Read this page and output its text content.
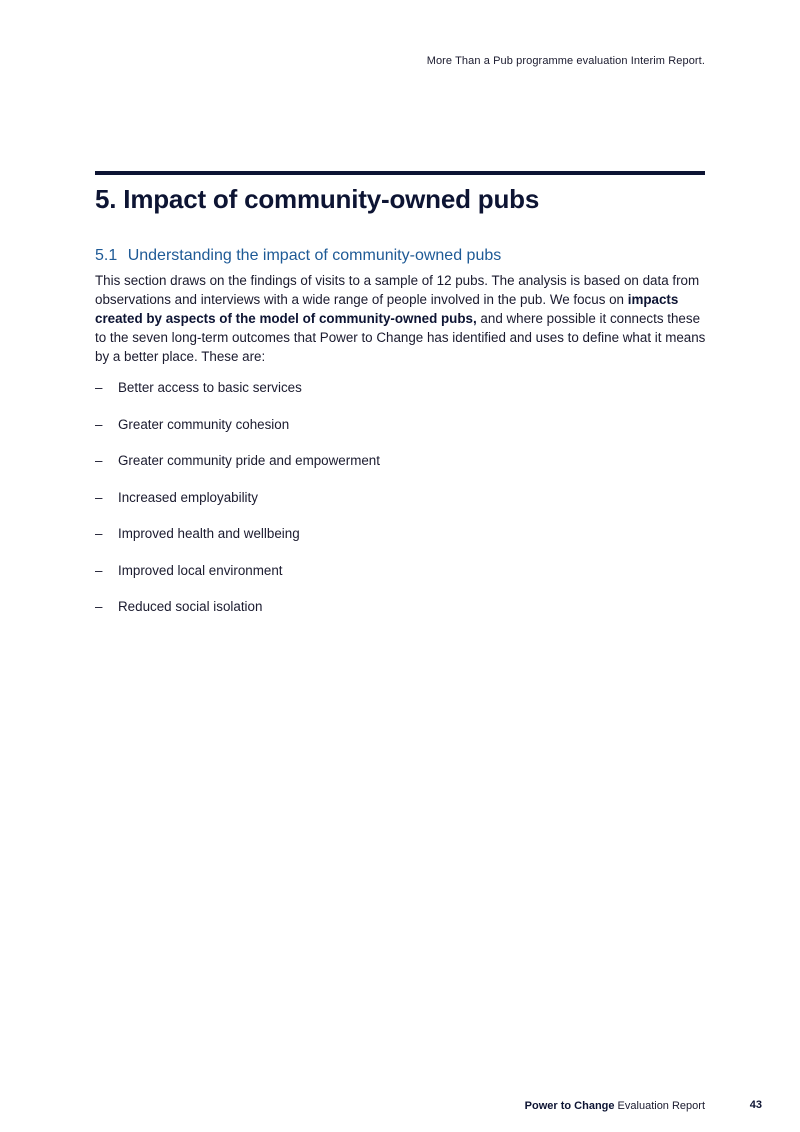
More Than a Pub programme evaluation Interim Report.
5. Impact of community-owned pubs
5.1 Understanding the impact of community-owned pubs

This section draws on the findings of visits to a sample of 12 pubs. The analysis is based on data from observations and interviews with a wide range of people involved in the pub. We focus on impacts created by aspects of the model of community-owned pubs, and where possible it connects these to the seven long-term outcomes that Power to Change has identified and uses to define what it means by a better place. These are:

–	Better access to basic services
–	Greater community cohesion
–	Greater community pride and empowerment
–	Increased employability
–	Improved health and wellbeing
–	Improved local environment
–	Reduced social isolation
Power to Change Evaluation Report	43
